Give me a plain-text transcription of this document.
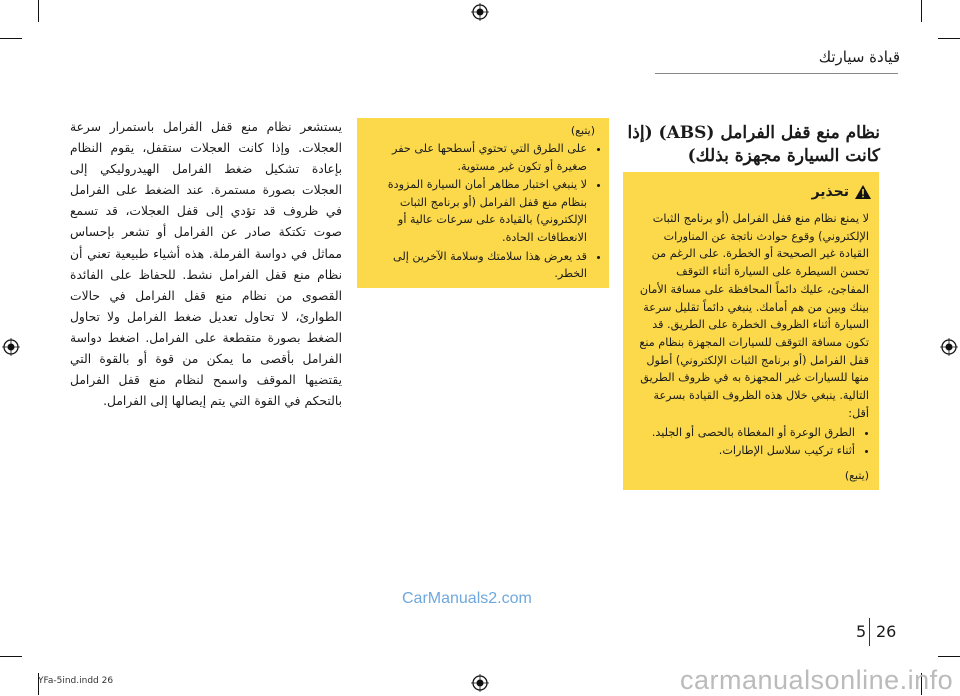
قيادة سيارتك
نظام منع قفل الفرامل (ABS) (إذا كانت السيارة مجهزة بذلك)
تحذير

لا يمنع نظام منع قفل الفرامل (أو برنامج الثبات الإلكتروني) وقوع حوادث ناتجة عن المناورات القيادة غير الصحيحة أو الخطرة. على الرغم من تحسن السيطرة على السيارة أثناء التوقف المفاجئ، عليك دائماً المحافظة على مسافة الأمان بينك وبين من هم أمامك. ينبغي دائماً تقليل سرعة السيارة أثناء الظروف الخطرة على الطريق. قد تكون مسافة التوقف للسيارات المجهزة بنظام منع قفل الفرامل (أو برنامج الثبات الإلكتروني) أطول منها للسيارات غير المجهزة به في ظروف الطريق التالية. ينبغي خلال هذه الظروف القيادة بسرعة أقل:

• الطرق الوعرة أو المغطاة بالحصى أو الجليد.
• أثناء تركيب سلاسل الإطارات.
(يتبع)
(يتبع)
• على الطرق التي تحتوي أسطحها على حفر صغيرة أو تكون غير مستوية.
• لا ينبغي اختبار مظاهر أمان السيارة المزودة بنظام منع قفل الفرامل (أو برنامج الثبات الإلكتروني) بالقيادة على سرعات عالية أو الانعطافات الحادة.
• قد يعرض هذا سلامتك وسلامة الآخرين إلى الخطر.
يستشعر نظام منع قفل الفرامل باستمرار سرعة العجلات. وإذا كانت العجلات ستقفل، يقوم النظام بإعادة تشكيل ضغط الفرامل الهيدروليكي إلى العجلات بصورة مستمرة. عند الضغط على الفرامل في ظروف قد تؤدي إلى قفل العجلات، قد تسمع صوت تكتكة صادر عن الفرامل أو تشعر بإحساس مماثل في دواسة الفرملة. هذه أشياء طبيعية تعني أن نظام منع قفل الفرامل نشط. للحفاظ على الفائدة القصوى من نظام منع قفل الفرامل في حالات الطوارئ، لا تحاول تعديل ضغط الفرامل ولا تحاول الضغط بصورة متقطعة على الفرامل. اضغط دواسة الفرامل بأقصى ما يمكن من قوة أو بالقوة التي يقتضيها الموقف واسمح لنظام منع قفل الفرامل بالتحكم في القوة التي يتم إيصالها إلى الفرامل.
5 26
YFa-5ind.indd 26
CarManuals2.com
carmanualsonline.info
